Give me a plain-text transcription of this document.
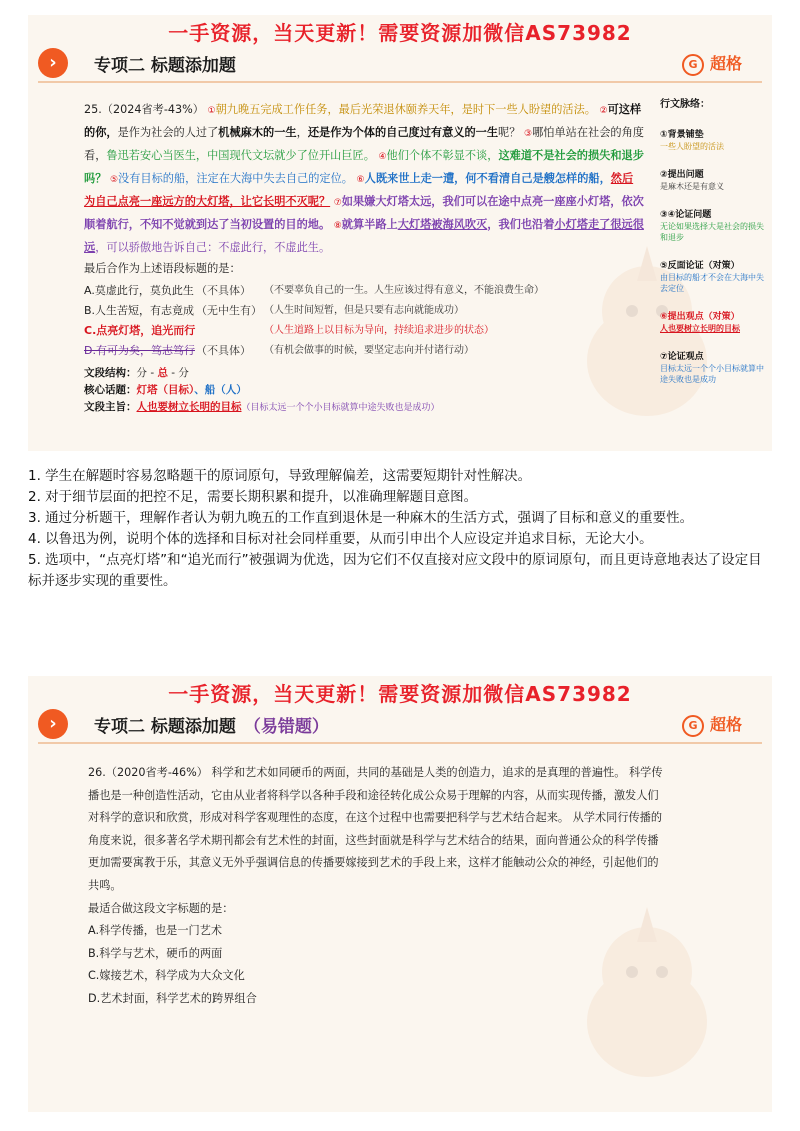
一手资源，当天更新！需要资源加微信AS73982
›	专项二 标题添加题	G 超格

25.（2024省考-43%） ①朝九晚五完成工作任务，最后光荣退休颐养天年，是时下一些人盼望的活法。 ②可这样的你，是作为社会的人过了机械麻木的一生，还是作为个体的自己度过有意义的一生呢？ ③哪怕单站在社会的角度看，鲁迅若安心当医生，中国现代文坛就少了位开山巨匠。 ④他们个体不彰显不谈，这难道不是社会的损失和退步吗？ ⑤没有目标的船，注定在大海中失去自己的定位。 ⑥人既来世上走一遭，何不看清自己是艘怎样的船，然后为自己点亮一座远方的大灯塔，让它长明不灭呢？ ⑦如果嫌大灯塔太远，我们可以在途中点亮一座座小灯塔，依次顺着航行，不知不觉就到达了当初设置的目的地。 ⑧就算半路上大灯塔被海风吹灭，我们也沿着小灯塔走了很远很远，可以骄傲地告诉自己：不虚此行，不虚此生。

最后合作为上述语段标题的是：

A.莫虚此行，莫负此生 （不具体）	（不要辜负自己的一生。人生应该过得有意义，不能浪费生命）
B.人生苦短，有志竟成 （无中生有） （人生时间短暂，但是只要有志向就能成功）
C.点亮灯塔，追光而行	（人生道路上以目标为导向，持续追求进步的状态）
D.有可为矣，笃志笃行 （不具体）	（有机会做事的时候，要坚定志向并付诸行动）
文段结构：分 - 总 - 分
核心话题：灯塔（目标）、船（人）
文段主旨：人也要树立长明的目标（目标太远一个个小目标就算中途失败也是成功）
行文脉络：
①背景铺垫
一些人盼望的活法
②提出问题
是麻木还是有意义
③④论证问题
无论如果选择大是社会的损失和退步
⑤反面论证（对策）
由目标的船才不会在大海中失去定位
⑥提出观点（对策）
人也要树立长明的目标
⑦论证观点
目标太远一个个小目标就算中途失败也是成功

1. 学生在解题时容易忽略题干的原词原句，导致理解偏差，这需要短期针对性解决。

2. 对于细节层面的把控不足，需要长期积累和提升，以准确理解题目意图。

3. 通过分析题干，理解作者认为朝九晚五的工作直到退休是一种麻木的生活方式，强调了目标和意义的重要性。

4. 以鲁迅为例，说明个体的选择和目标对社会同样重要，从而引申出个人应设定并追求目标，无论大小。

5. 选项中，“点亮灯塔”和“追光而行”被强调为优选，因为它们不仅直接对应文段中的原词原句，而且更诗意地表达了设定目标并逐步实现的重要性。

一手资源，当天更新！需要资源加微信AS73982
›	专项二 标题添加题 （易错题）	G 超格

26.（2020省考-46%） 科学和艺术如同硬币的两面，共同的基础是人类的创造力，追求的是真理的普遍性。 科学传播也是一种创造性活动，它由从业者将科学以各种手段和途径转化成公众易于理解的内容，从而实现传播，激发人们对科学的意识和欣赏，形成对科学客观理性的态度，在这个过程中也需要把科学与艺术结合起来。 从学术同行传播的角度来说，很多著名学术期刊都会有艺术性的封面，这些封面就是科学与艺术结合的结果，面向普通公众的科学传播更加需要寓教于乐，其意义无外乎强调信息的传播要嫁接到艺术的手段上来，这样才能触动公众的神经，引起他们的共鸣。

最适合做这段文字标题的是：

A.科学传播，也是一门艺术

B.科学与艺术，硬币的两面

C.嫁接艺术，科学成为大众文化

D.艺术封面，科学艺术的跨界组合
